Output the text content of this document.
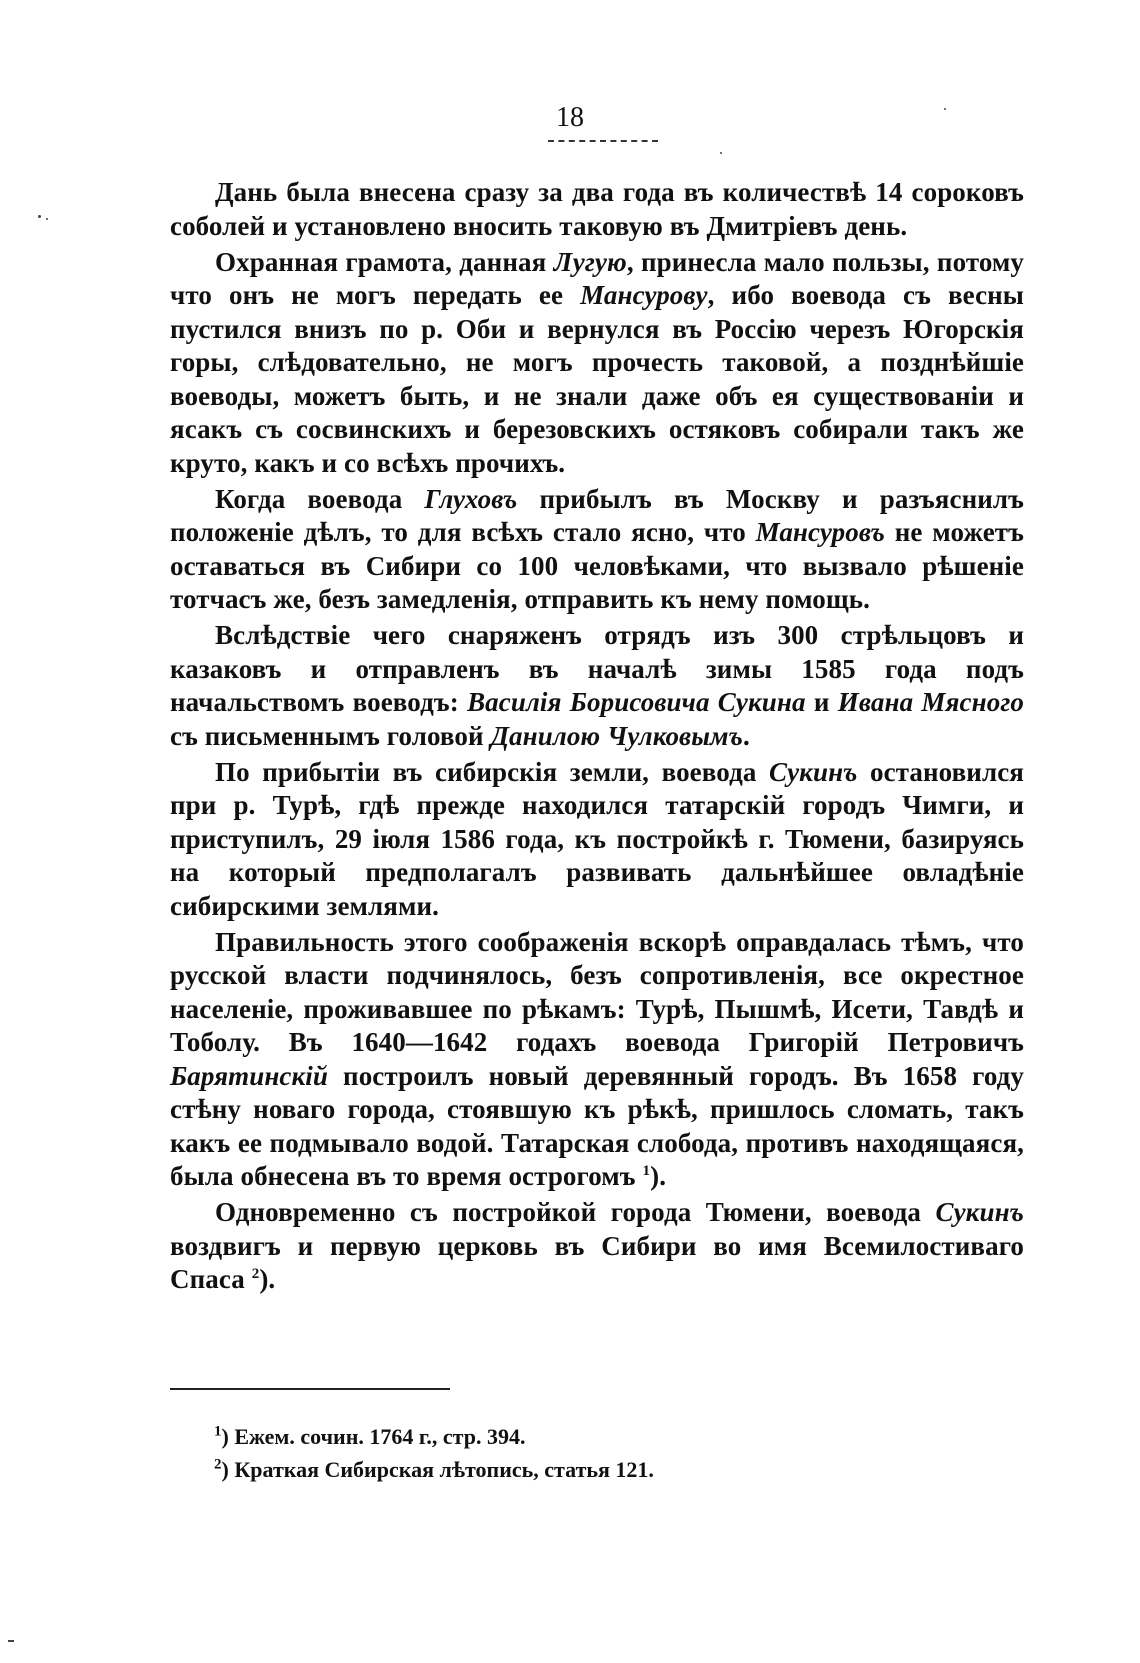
18

Дань была внесена сразу за два года въ количествѣ 14 сороковъ соболей и установлено вносить таковую въ Дмитріевъ день.

Охранная грамота, данная Лугую, принесла мало пользы, потому что онъ не могъ передать ее Мансурову, ибо воевода съ весны пустился внизъ по р. Оби и вернулся въ Россію черезъ Югорскія горы, слѣдовательно, не могъ прочесть таковой, а позднѣйшіе воеводы, можетъ быть, и не знали даже объ ея существованіи и ясакъ съ сосвинскихъ и березовскихъ остяковъ собирали такъ же круто, какъ и со всѣхъ прочихъ.

Когда воевода Глуховъ прибылъ въ Москву и разъяснилъ положеніе дѣлъ, то для всѣхъ стало ясно, что Мансуровъ не можетъ оставаться въ Сибири со 100 человѣками, что вызвало рѣшеніе тотчасъ же, безъ замедленія, отправить къ нему помощь.

Вслѣдствіе чего снаряженъ отрядъ изъ 300 стрѣльцовъ и казаковъ и отправленъ въ началѣ зимы 1585 года подъ начальствомъ воеводъ: Василія Борисовича Сукина и Ивана Мясного съ письменнымъ головой Данилою Чулковымъ.

По прибытіи въ сибирскія земли, воевода Сукинъ остановился при р. Турѣ, гдѣ прежде находился татарскій городъ Чимги, и приступилъ, 29 іюля 1586 года, къ постройкѣ г. Тюмени, базируясь на который предполагалъ развивать дальнѣйшее овладѣніе сибирскими землями.

Правильность этого соображенія вскорѣ оправдалась тѣмъ, что русской власти подчинялось, безъ сопротивленія, все окрестное населеніе, проживавшее по рѣкамъ: Турѣ, Пышмѣ, Исети, Тавдѣ и Тоболу. Въ 1640—1642 годахъ воевода Григорій Петровичъ Барятинскій построилъ новый деревянный городъ. Въ 1658 году стѣну новаго города, стоявшую къ рѣкѣ, пришлось сломать, такъ какъ ее подмывало водой. Татарская слобода, противъ находящаяся, была обнесена въ то время острогомъ $^1$).

Одновременно съ постройкой города Тюмени, воевода Сукинъ воздвигъ и первую церковь въ Сибири во имя Всемилостиваго Спаса $^2$).

$^1$) Ежем. сочин. 1764 г., стр. 394.

$^2$) Краткая Сибирская лѣтопись, статья 121.
